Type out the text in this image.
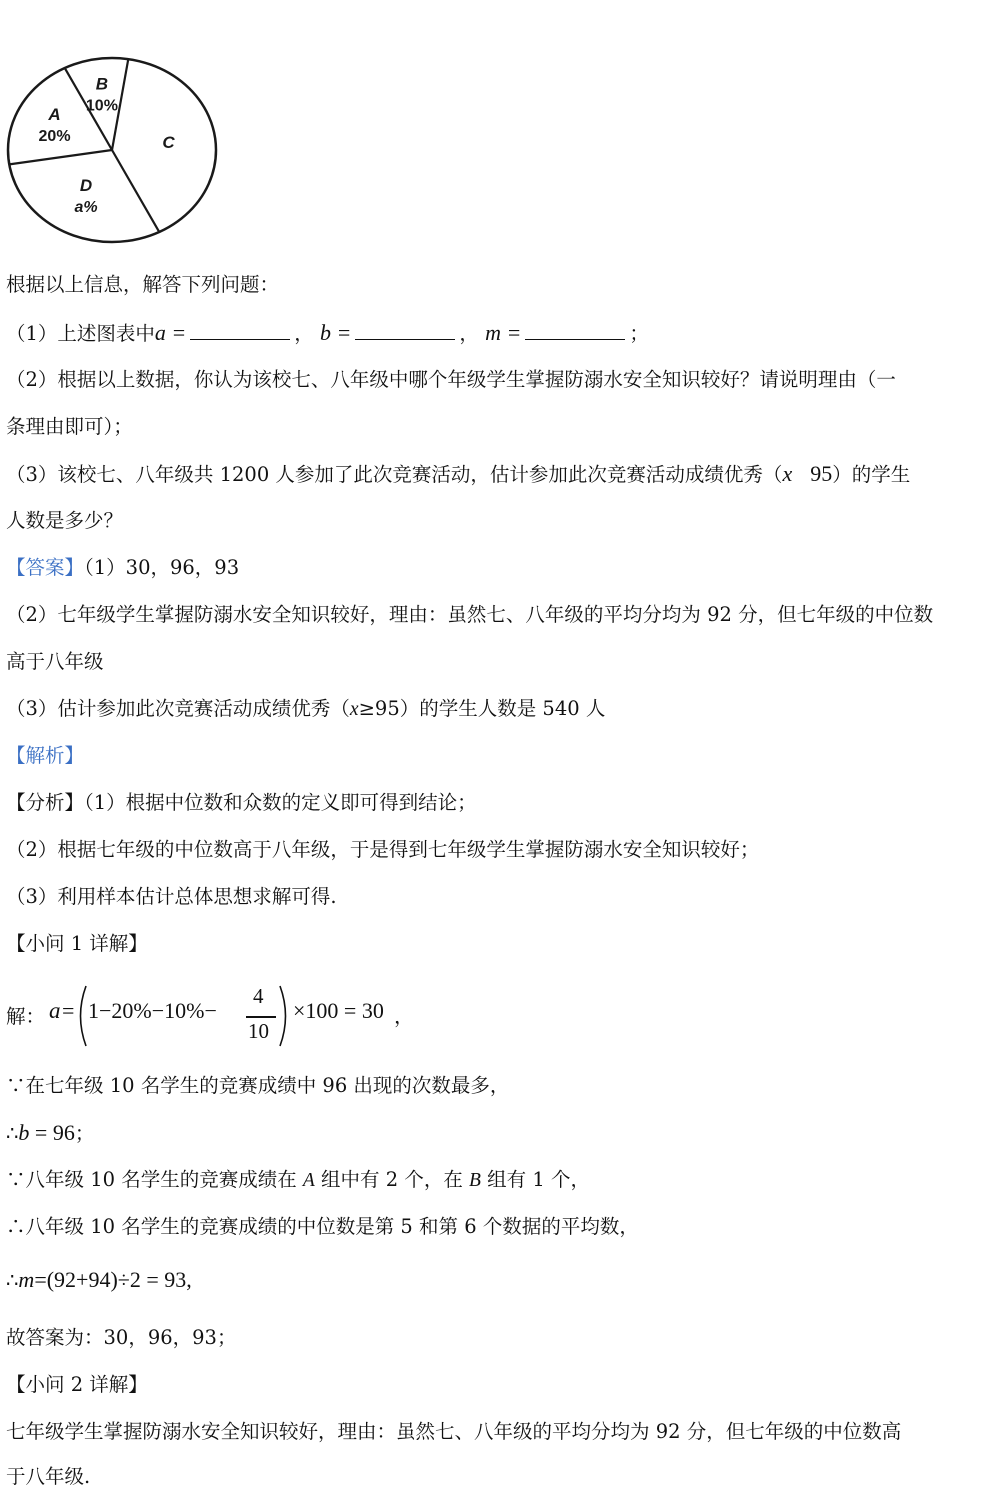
B
10%
C
D
a%
A
20%
根据以上信息，解答下列问题：
（1）上述图表中a =	， b =	， m =	；
（2）根据以上数据，你认为该校七、八年级中哪个年级学生掌握防溺水安全知识较好？请说明理由（一
条理由即可）；
（3）该校七、八年级共 1200 人参加了此次竞赛活动，估计参加此次竞赛活动成绩优秀（x 95）的学生
人数是多少？
【答案】（1）30，96，93
（2）七年级学生掌握防溺水安全知识较好，理由：虽然七、八年级的平均分均为 92 分，但七年级的中位数
高于八年级
（3）估计参加此次竞赛活动成绩优秀（x≥95）的学生人数是 540 人
【解析】
【分析】（1）根据中位数和众数的定义即可得到结论；
（2）根据七年级的中位数高于八年级，于是得到七年级学生掌握防溺水安全知识较好；
（3）利用样本估计总体思想求解可得.
【小问 1 详解】
解： a = 1−20%−10%−
4
10
×100 = 30 ，
∵在七年级 10 名学生的竞赛成绩中 96 出现的次数最多，
∴b = 96；
∵八年级 10 名学生的竞赛成绩在 A 组中有 2 个，在 B 组有 1 个，
∴八年级 10 名学生的竞赛成绩的中位数是第 5 和第 6 个数据的平均数，
∴m=(92+94)÷2 = 93,
故答案为：30，96，93；
【小问 2 详解】
七年级学生掌握防溺水安全知识较好，理由：虽然七、八年级的平均分均为 92 分，但七年级的中位数高
于八年级.
